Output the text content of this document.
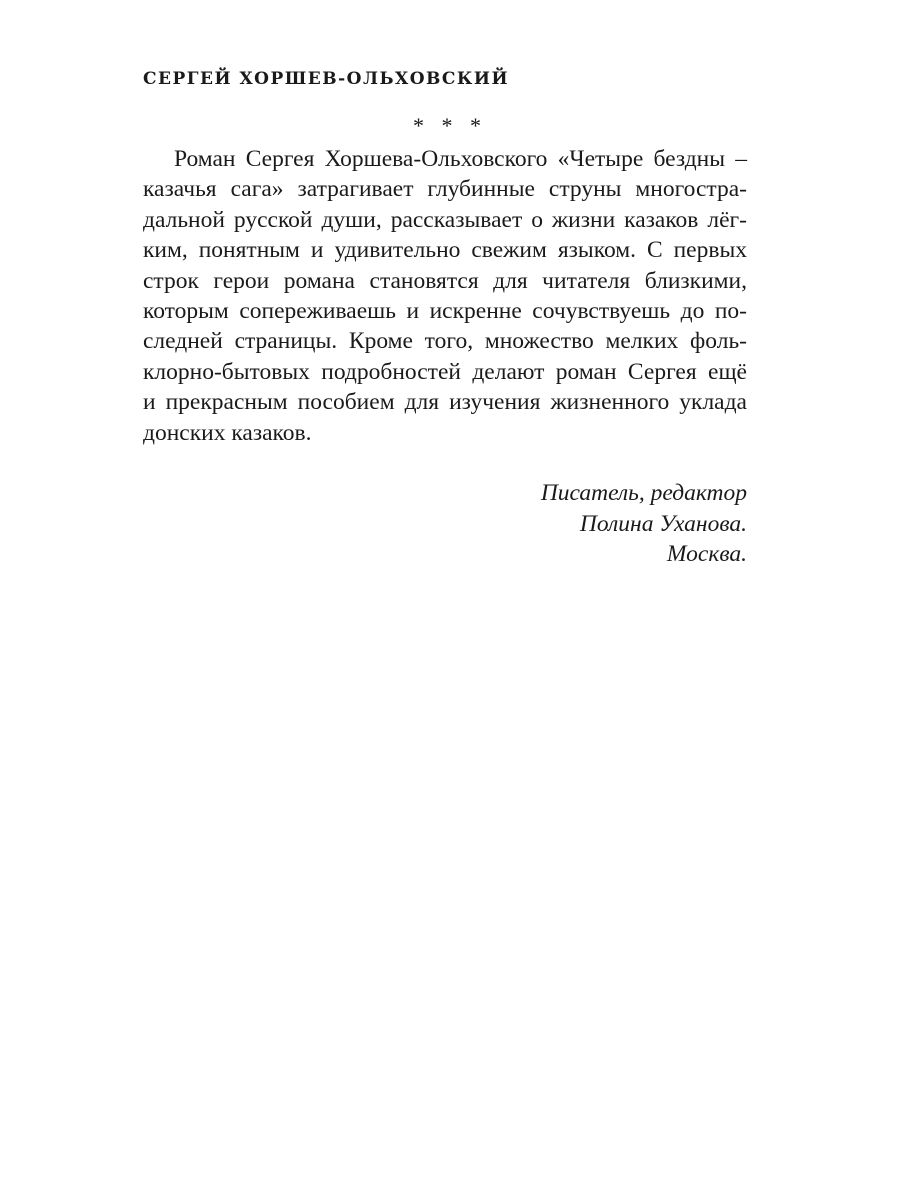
СЕРГЕЙ ХОРШЕВ-ОЛЬХОВСКИЙ
* * *
Роман Сергея Хоршева-Ольховского «Четыре бездны –
казачья сага» затрагивает глубинные струны многостра-
дальной русской души, рассказывает о жизни казаков лёг-
ким, понятным и удивительно свежим языком. С первых
строк герои романа становятся для читателя близкими,
которым сопереживаешь и искренне сочувствуешь до по-
следней страницы. Кроме того, множество мелких фоль-
клорно-бытовых подробностей делают роман Сергея ещё
и прекрасным пособием для изучения жизненного уклада
донских казаков.
Писатель, редактор
Полина Уханова.
Москва.
